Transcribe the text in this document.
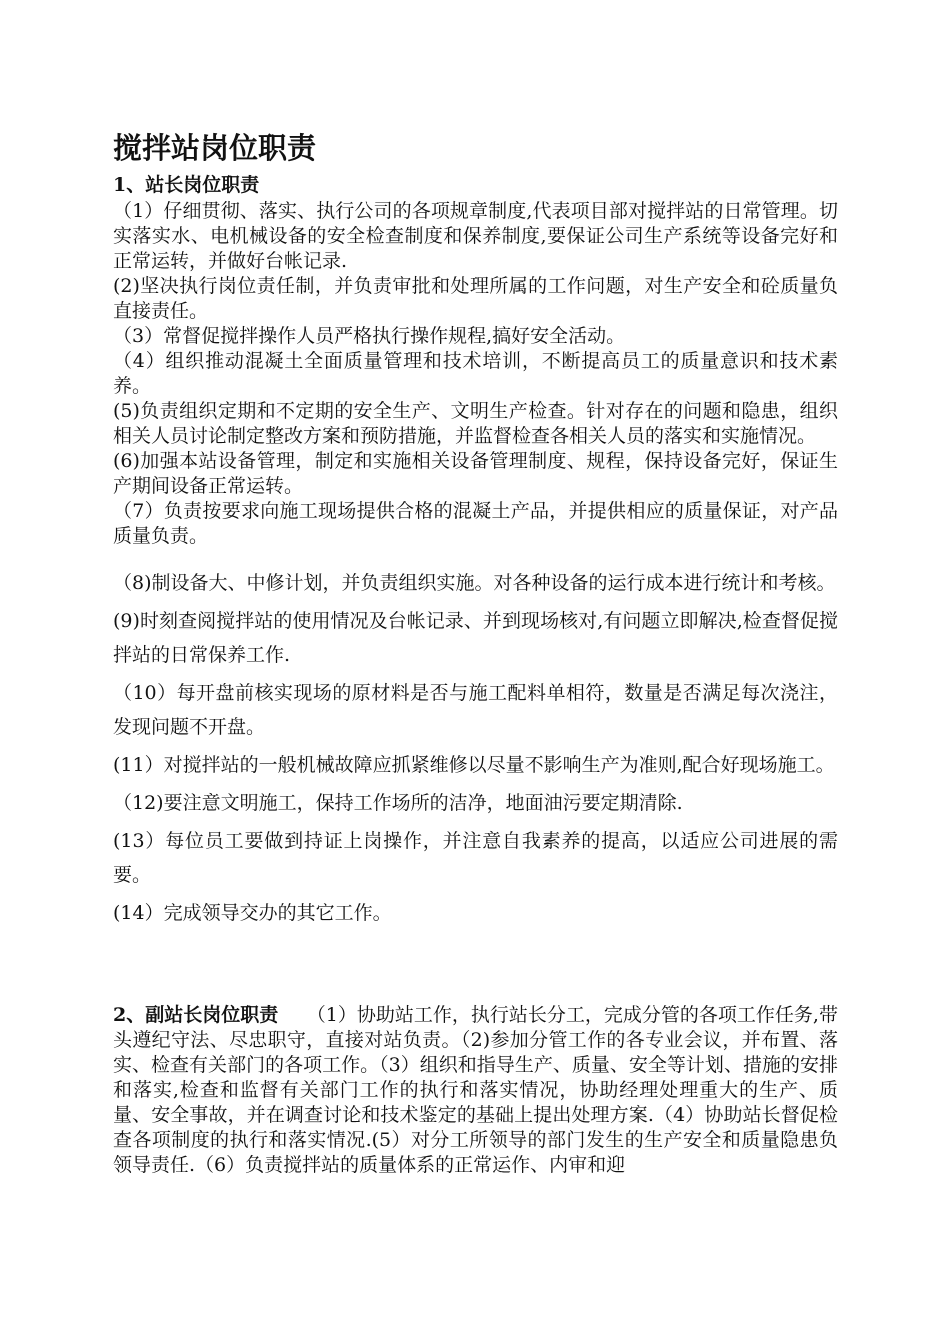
搅拌站岗位职责
1、站长岗位职责

（1）仔细贯彻、落实、执行公司的各项规章制度,代表项目部对搅拌站的日常管理。切实落实水、电机械设备的安全检查制度和保养制度,要保证公司生产系统等设备完好和正常运转，并做好台帐记录.

(2)坚决执行岗位责任制，并负责审批和处理所属的工作问题，对生产安全和砼质量负直接责任。

（3）常督促搅拌操作人员严格执行操作规程,搞好安全活动。

（4）组织推动混凝土全面质量管理和技术培训，不断提高员工的质量意识和技术素养。

(5)负责组织定期和不定期的安全生产、文明生产检查。针对存在的问题和隐患，组织相关人员讨论制定整改方案和预防措施，并监督检查各相关人员的落实和实施情况。

(6)加强本站设备管理，制定和实施相关设备管理制度、规程，保持设备完好，保证生产期间设备正常运转。

（7）负责按要求向施工现场提供合格的混凝土产品，并提供相应的质量保证，对产品质量负责。

（8)制设备大、中修计划，并负责组织实施。对各种设备的运行成本进行统计和考核。

(9)时刻查阅搅拌站的使用情况及台帐记录、并到现场核对,有问题立即解决,检查督促搅拌站的日常保养工作.

（10）每开盘前核实现场的原材料是否与施工配料单相符，数量是否满足每次浇注，发现问题不开盘。

(11）对搅拌站的一般机械故障应抓紧维修以尽量不影响生产为准则,配合好现场施工。

（12)要注意文明施工，保持工作场所的洁净，地面油污要定期清除.

(13）每位员工要做到持证上岗操作，并注意自我素养的提高，以适应公司进展的需要。

(14）完成领导交办的其它工作。

2、副站长岗位职责　　（1）协助站工作，执行站长分工，完成分管的各项工作任务,带头遵纪守法、尽忠职守，直接对站负责。（2)参加分管工作的各专业会议，并布置、落实、检查有关部门的各项工作。（3）组织和指导生产、质量、安全等计划、措施的安排和落实,检查和监督有关部门工作的执行和落实情况，协助经理处理重大的生产、质量、安全事故，并在调查讨论和技术鉴定的基础上提出处理方案.（4）协助站长督促检查各项制度的执行和落实情况.(5）对分工所领导的部门发生的生产安全和质量隐患负领导责任.（6）负责搅拌站的质量体系的正常运作、内审和迎
